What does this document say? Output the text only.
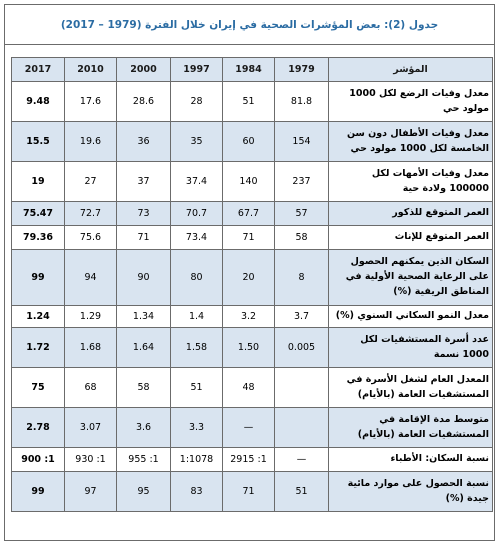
جدول (2): بعض المؤشرات الصحية في إيران خلال الفترة (1979 – 2017)
المؤشر	1979	1984	1997	2000	2010	2017
معدل وفيات الرضع لكل 1000 مولود حي	81.8	51	28	28.6	17.6	9.48
معدل وفيات الأطفال دون سن الخامسة لكل 1000 مولود حي	154	60	35	36	19.6	15.5
معدل وفيات الأمهات لكل 100000 ولادة حية	237	140	37.4	37	27	19
العمر المتوقع للذكور	57	67.7	70.7	73	72.7	75.47
العمر المتوقع للإناث	58	71	73.4	71	75.6	79.36
السكان الذين يمكنهم الحصول على الرعاية الصحية الأولية في المناطق الريفية (%)	8	20	80	90	94	99
معدل النمو السكاني السنوي (%)	3.7	3.2	1.4	1.34	1.29	1.24
عدد أسرة المستشفيات لكل 1000 نسمة	0.005	1.50	1.58	1.64	1.68	1.72
المعدل العام لشغل الأسرة في المستشفيات العامة (بالأيام)		48	51	58	68	75
متوسط مدة الإقامة في المستشفيات العامة (بالأيام)		—	3.3	3.6	3.07	2.78
نسبة السكان: الأطباء	—	1: 2915	1:1078	1: 955	1: 930	1: 900
نسبة الحصول على موارد مائية جيدة (%)	51	71	83	95	97	99
